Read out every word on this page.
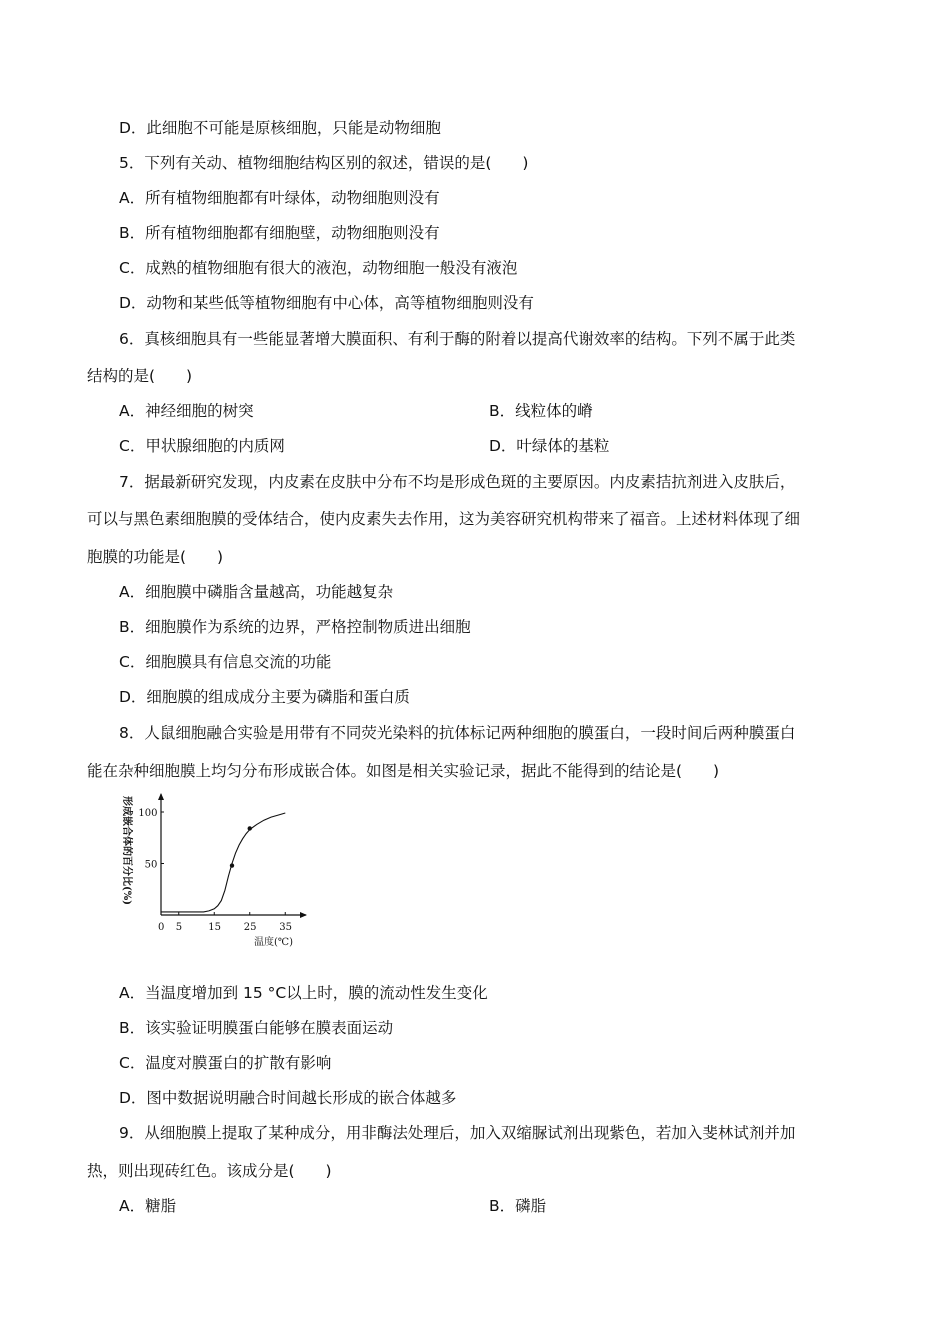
D．此细胞不可能是原核细胞，只能是动物细胞
5．下列有关动、植物细胞结构区别的叙述，错误的是(　　)
A．所有植物细胞都有叶绿体，动物细胞则没有
B．所有植物细胞都有细胞壁，动物细胞则没有
C．成熟的植物细胞有很大的液泡，动物细胞一般没有液泡
D．动物和某些低等植物细胞有中心体，高等植物细胞则没有
6．真核细胞具有一些能显著增大膜面积、有利于酶的附着以提高代谢效率的结构。下列不属于此类
结构的是(　　)
A．神经细胞的树突	B．线粒体的嵴
C．甲状腺细胞的内质网	D．叶绿体的基粒
7．据最新研究发现，内皮素在皮肤中分布不均是形成色斑的主要原因。内皮素拮抗剂进入皮肤后，
可以与黑色素细胞膜的受体结合，使内皮素失去作用，这为美容研究机构带来了福音。上述材料体现了细
胞膜的功能是(　　)
A．细胞膜中磷脂含量越高，功能越复杂
B．细胞膜作为系统的边界，严格控制物质进出细胞
C．细胞膜具有信息交流的功能
D．细胞膜的组成成分主要为磷脂和蛋白质
8．人鼠细胞融合实验是用带有不同荧光染料的抗体标记两种细胞的膜蛋白，一段时间后两种膜蛋白
能在杂种细胞膜上均匀分布形成嵌合体。如图是相关实验记录，据此不能得到的结论是(　　)
形成嵌合体的百分比(%)
温度(℃)
0 5	15 25 35
50
100
A．当温度增加到 15 °C以上时，膜的流动性发生变化
B．该实验证明膜蛋白能够在膜表面运动
C．温度对膜蛋白的扩散有影响
D．图中数据说明融合时间越长形成的嵌合体越多
9．从细胞膜上提取了某种成分，用非酶法处理后，加入双缩脲试剂出现紫色，若加入斐林试剂并加
热，则出现砖红色。该成分是(　　)
A．糖脂	B．磷脂
